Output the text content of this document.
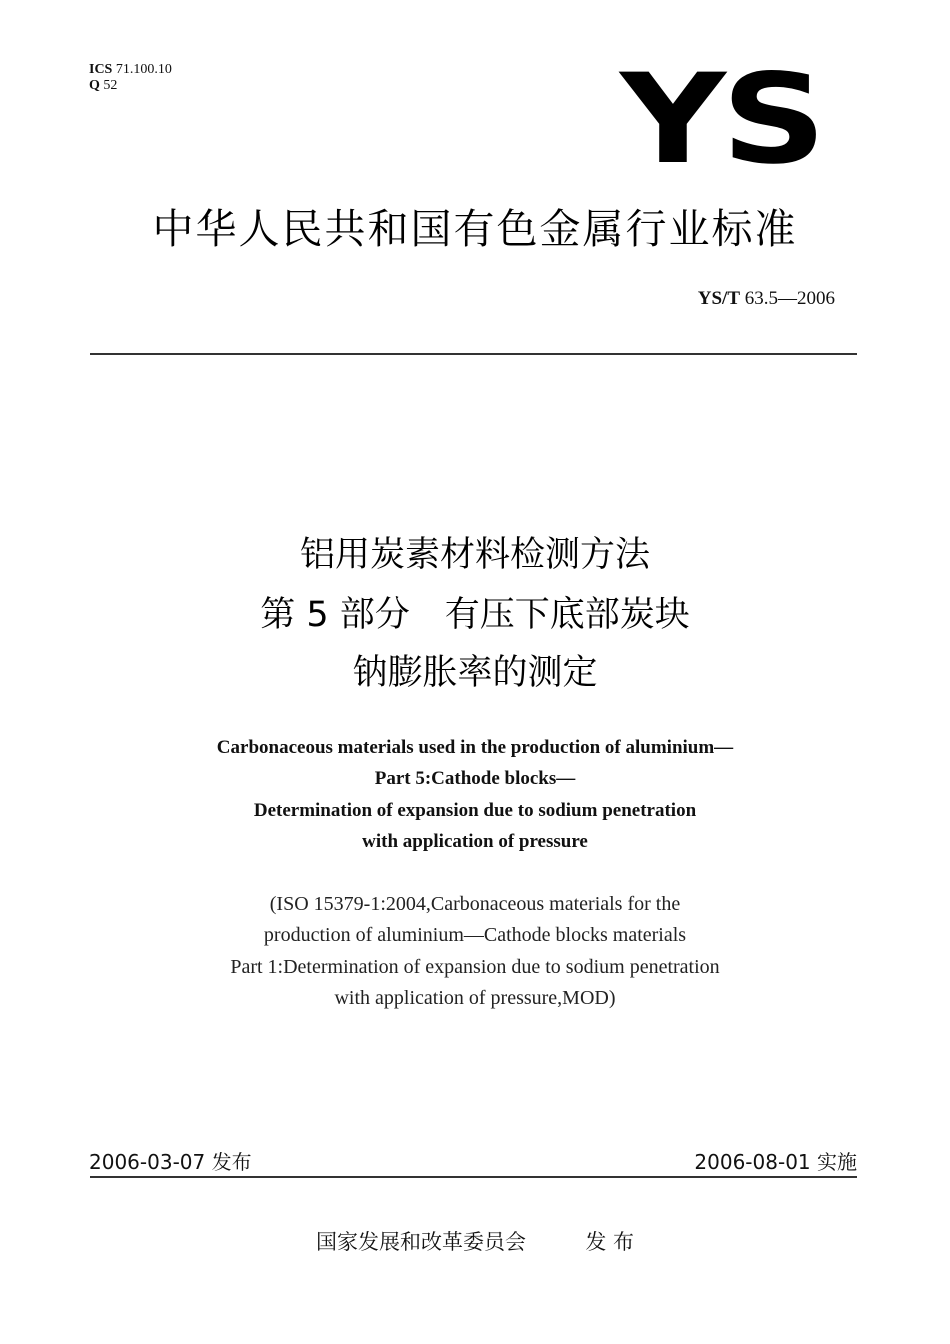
ICS 71.100.10
Q 52	YS
中华人民共和国有色金属行业标准
YS/T 63.5—2006
铝用炭素材料检测方法
第 5 部分　有压下底部炭块
钠膨胀率的测定
Carbonaceous materials used in the production of aluminium—
Part 5:Cathode blocks—
Determination of expansion due to sodium penetration
with application of pressure
(ISO 15379-1:2004,Carbonaceous materials for the
production of aluminium—Cathode blocks materials
Part 1:Determination of expansion due to sodium penetration
with application of pressure,MOD)
2006-03-07 发布	2006-08-01 实施
国家发展和改革委员会	发 布
